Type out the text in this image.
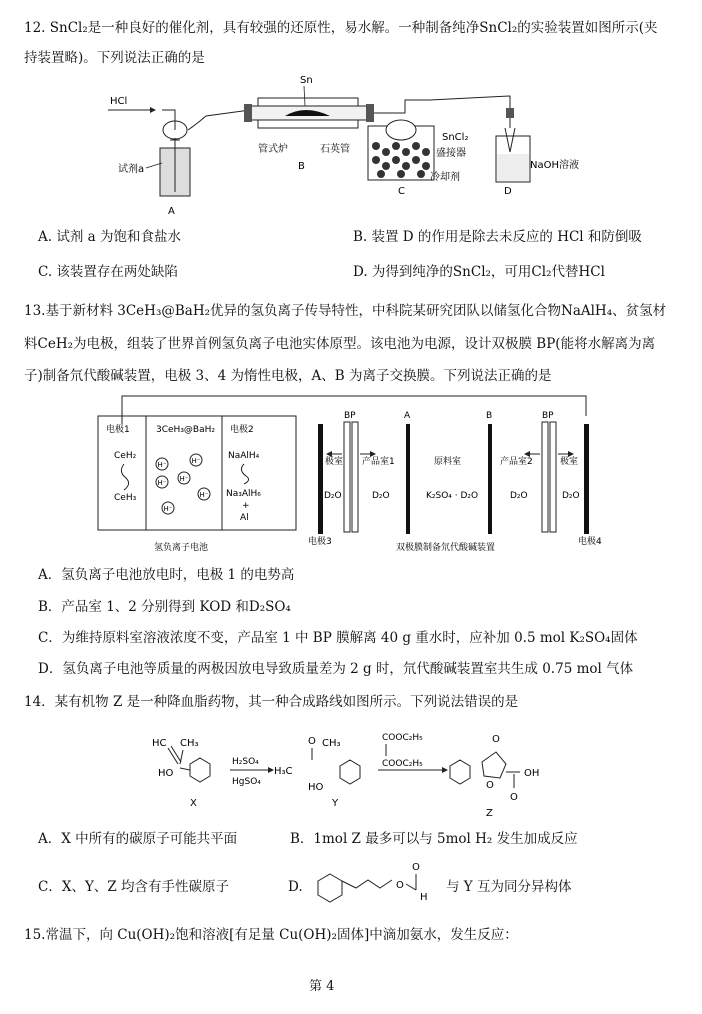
12. SnCl₂是一种良好的催化剂，具有较强的还原性，易水解。一种制备纯净SnCl₂的实验装置如图所示(夹
持装置略)。下列说法正确的是
HCl
试剂a
A
Sn
管式炉	石英管
B
SnCl₂
盛接器
冷却剂
C
NaOH溶液
D
A. 试剂 a 为饱和食盐水	B. 装置 D 的作用是除去未反应的 HCl 和防倒吸
C. 该装置存在两处缺陷	D. 为得到纯净的SnCl₂，可用Cl₂代替HCl
13.基于新材料 3CeH₃@BaH₂优异的氢负离子传导特性，中科院某研究团队以储氢化合物NaAlH₄、贫氢材
料CeH₂为电极，组装了世界首例氢负离子电池实体原型。该电池为电源，设计双极膜 BP(能将水解离为离
子)制备氘代酸碱装置，电极 3、4 为惰性电极，A、B 为离子交换膜。下列说法正确的是
电极1	3CeH₃@BaH₂ 电极2
CeH₂
CeH₃
H⁻	H⁻
H⁻ H⁻
H⁻
H⁻
NaAlH₄
Na₃AlH₆
+
Al
氢负离子电池
BP	A	B	BP
极室 产品室1	原料室	产品室2	极室
D₂O	D₂O	K₂SO₄ · D₂O	D₂O	D₂O
电极3
双极膜制备氘代酸碱装置
电极4
A．氢负离子电池放电时，电极 1 的电势高
B．产品室 1、2 分别得到 KOD 和D₂SO₄
C．为维持原料室溶液浓度不变，产品室 1 中 BP 膜解离 40 g 重水时，应补加 0.5 mol K₂SO₄固体
D．氢负离子电池等质量的两极因放电导致质量差为 2 g 时，氘代酸碱装置室共生成 0.75 mol 气体
14．某有机物 Z 是一种降血脂药物，其一种合成路线如图所示。下列说法错误的是
HC CH₃
HO
X
H₂SO₄
HgSO₄
H₃C
O CH₃
HO
Y
COOC₂H₅
COOC₂H₅
O
O
OH
O
Z
A．X 中所有的碳原子可能共平面	B．1mol Z 最多可以与 5mol H₂ 发生加成反应
C．X、Y、Z 均含有手性碳原子	D.	O
O
H
与 Y 互为同分异构体
15.常温下，向 Cu(OH)₂饱和溶液[有足量 Cu(OH)₂固体]中滴加氨水，发生反应：
第 4
